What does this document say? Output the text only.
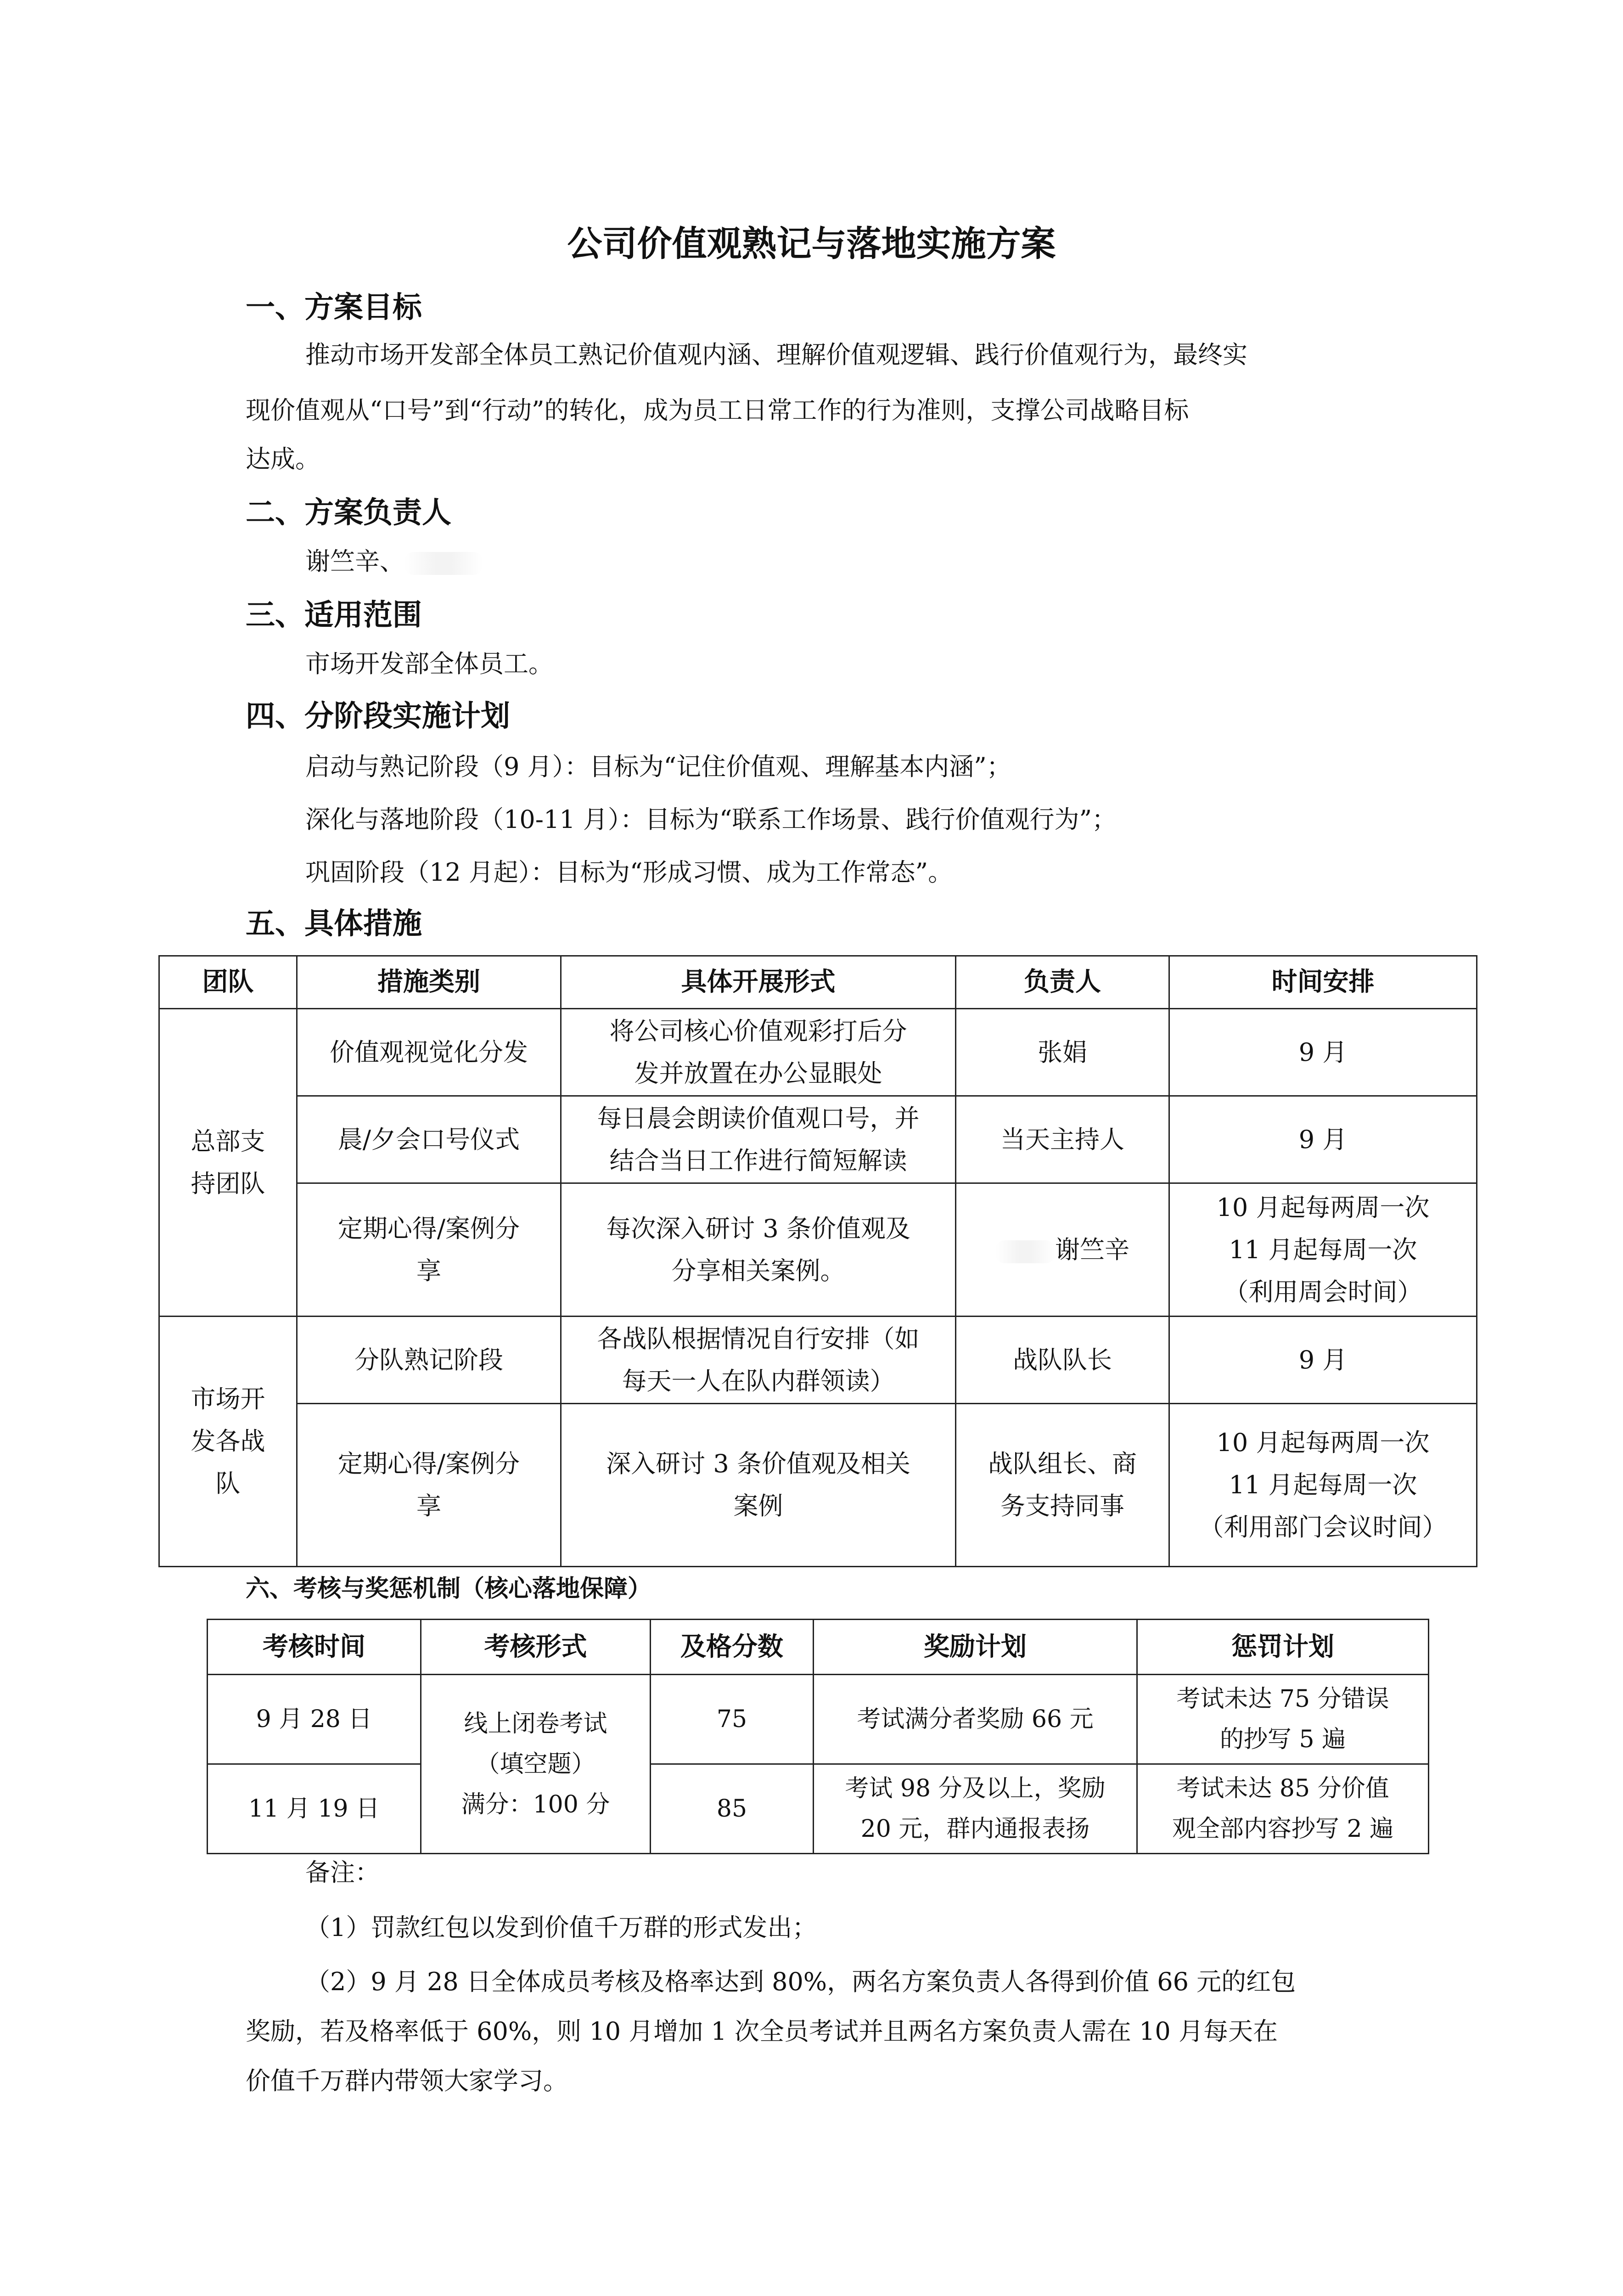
公司价值观熟记与落地实施方案
一、方案目标
推动市场开发部全体员工熟记价值观内涵、理解价值观逻辑、践行价值观行为，最终实
现价值观从“口号”到“行动”的转化，成为员工日常工作的行为准则，支撑公司战略目标
达成。
二、方案负责人
谢竺辛、
三、适用范围
市场开发部全体员工。
四、分阶段实施计划
启动与熟记阶段（9 月）：目标为“记住价值观、理解基本内涵”；
深化与落地阶段（10-11 月）：目标为“联系工作场景、践行价值观行为”；
巩固阶段（12 月起）：目标为“形成习惯、成为工作常态”。
五、具体措施
团队	措施类别	具体开展形式	负责人	时间安排

总部支
持团队	价值观视觉化分发	将公司核心价值观彩打后分
发并放置在办公显眼处	张娟	9 月
	晨/夕会口号仪式	每日晨会朗读价值观口号，并
结合当日工作进行简短解读	当天主持人	9 月

	定期心得/案例分
享	每次深入研讨 3 条价值观及
分享相关案例。	谢竺辛	10 月起每两周一次
11 月起每周一次
（利用周会时间）

市场开
发各战
队	分队熟记阶段	各战队根据情况自行安排（如
每天一人在队内群领读）	战队队长	9 月

	定期心得/案例分
享	深入研讨 3 条价值观及相关
案例	战队组长、商
务支持同事	10 月起每两周一次
11 月起每周一次
（利用部门会议时间）
六、考核与奖惩机制（核心落地保障）
考核时间	考核形式	及格分数	奖励计划	惩罚计划
9 月 28 日	线上闭卷考试
（填空题）
满分：100 分	75	考试满分者奖励 66 元	考试未达 75 分错误
的抄写 5 遍

11 月 19 日		85	考试 98 分及以上，奖励
20 元，群内通报表扬	考试未达 85 分价值
观全部内容抄写 2 遍
备注：
（1）罚款红包以发到价值千万群的形式发出；
（2）9 月 28 日全体成员考核及格率达到 80%，两名方案负责人各得到价值 66 元的红包
奖励，若及格率低于 60%，则 10 月增加 1 次全员考试并且两名方案负责人需在 10 月每天在
价值千万群内带领大家学习。
